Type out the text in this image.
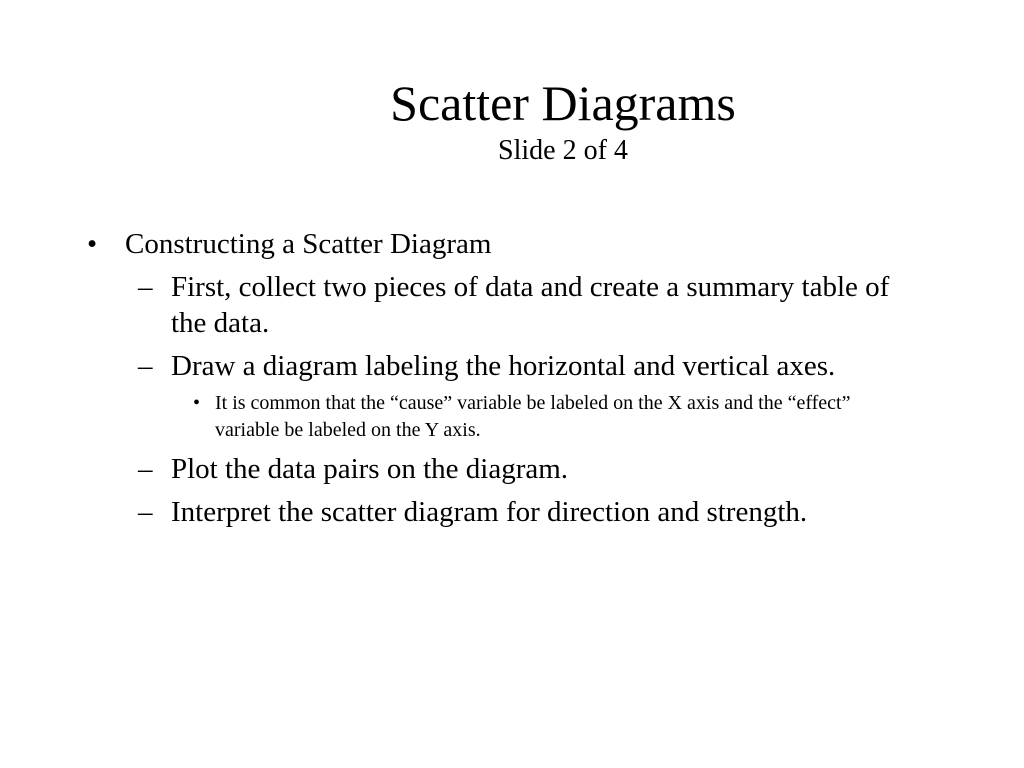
Scatter Diagrams
Slide 2 of 4
• Constructing a Scatter Diagram
– First, collect two pieces of data and create a summary table of the data.
– Draw a diagram labeling the horizontal and vertical axes.
• It is common that the “cause” variable be labeled on the X axis and the “effect” variable be labeled on the Y axis.
– Plot the data pairs on the diagram.
– Interpret the scatter diagram for direction and strength.
